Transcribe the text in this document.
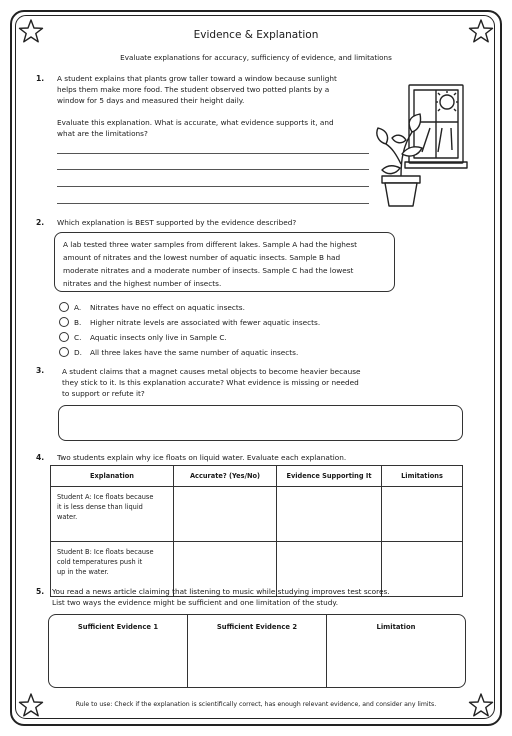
Evidence & Explanation
Evaluate explanations for accuracy, sufficiency of evidence, and limitations
1. A student explains that plants grow taller toward a window because sunlight
helps them make more food. The student observed two potted plants by a
window for 5 days and measured their height daily.
Evaluate this explanation. What is accurate, what evidence supports it, and
what are the limitations?
2. Which explanation is BEST supported by the evidence described?
A lab tested three water samples from different lakes. Sample A had the highest
amount of nitrates and the lowest number of aquatic insects. Sample B had
moderate nitrates and a moderate number of insects. Sample C had the lowest
nitrates and the highest number of insects.
A. Nitrates have no effect on aquatic insects.
B. Higher nitrate levels are associated with fewer aquatic insects.
C. Aquatic insects only live in Sample C.
D. All three lakes have the same number of aquatic insects.
3. A student claims that a magnet causes metal objects to become heavier because
they stick to it. Is this explanation accurate? What evidence is missing or needed
to support or refute it?
4. Two students explain why ice floats on liquid water. Evaluate each explanation.
Explanation	Accurate? (Yes/No)	Evidence Supporting It	Limitations

Student A: Ice floats because
it is less dense than liquid
water.			

Student B: Ice floats because
cold temperatures push it
up in the water.			

5. You read a news article claiming that listening to music while studying improves test scores.
List two ways the evidence might be sufficient and one limitation of the study.
Sufficient Evidence 1	Sufficient Evidence 2	Limitation
Rule to use: Check if the explanation is scientifically correct, has enough relevant evidence, and consider any limits.
